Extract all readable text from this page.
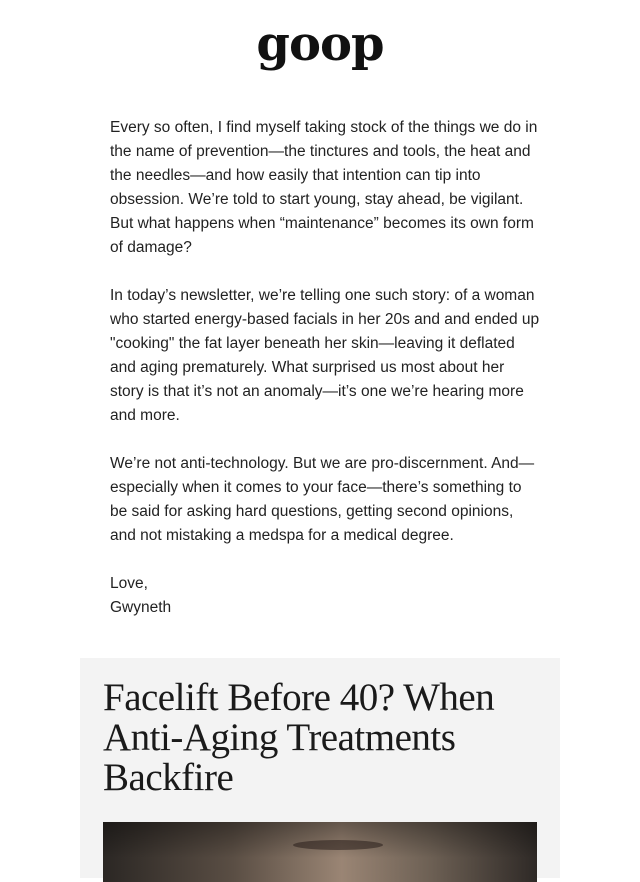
goop

Every so often, I find myself taking stock of the things we do in the name of prevention—the tinctures and tools, the heat and the needles—and how easily that intention can tip into obsession. We’re told to start young, stay ahead, be vigilant. But what happens when “maintenance” becomes its own form of damage?

In today’s newsletter, we’re telling one such story: of a woman who started energy-based facials in her 20s and and ended up "cooking" the fat layer beneath her skin—leaving it deflated and aging prematurely. What surprised us most about her story is that it’s not an anomaly—it’s one we’re hearing more and more.

We’re not anti-technology. But we are pro-discernment. And—especially when it comes to your face—there’s something to be said for asking hard questions, getting second opinions, and not mistaking a medspa for a medical degree.

Love,
Gwyneth
Facelift Before 40? When Anti-Aging Treatments Backfire
